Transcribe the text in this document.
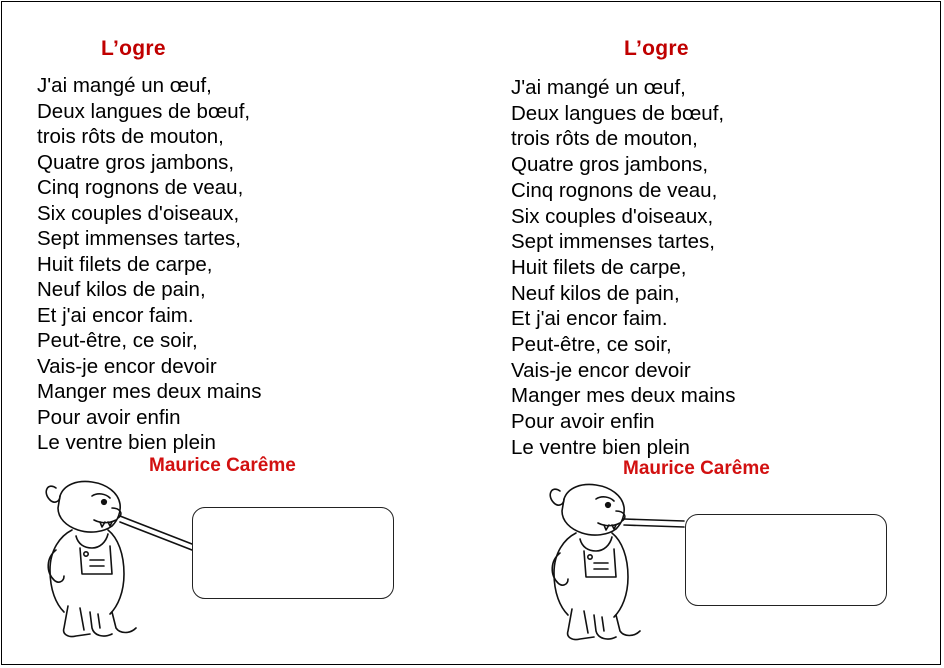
L’ogre
J'ai mangé un œuf,
Deux langues de bœuf,
trois rôts de mouton,
Quatre gros jambons,
Cinq rognons de veau,
Six couples d'oiseaux,
Sept immenses tartes,
Huit filets de carpe,
Neuf kilos de pain,
Et j'ai encor faim.
Peut-être, ce soir,
Vais-je encor devoir
Manger mes deux mains
Pour avoir enfin
Le ventre bien plein

Maurice Carême

L’ogre
J'ai mangé un œuf,
Deux langues de bœuf,
trois rôts de mouton,
Quatre gros jambons,
Cinq rognons de veau,
Six couples d'oiseaux,
Sept immenses tartes,
Huit filets de carpe,
Neuf kilos de pain,
Et j'ai encor faim.
Peut-être, ce soir,
Vais-je encor devoir
Manger mes deux mains
Pour avoir enfin
Le ventre bien plein

Maurice Carême
